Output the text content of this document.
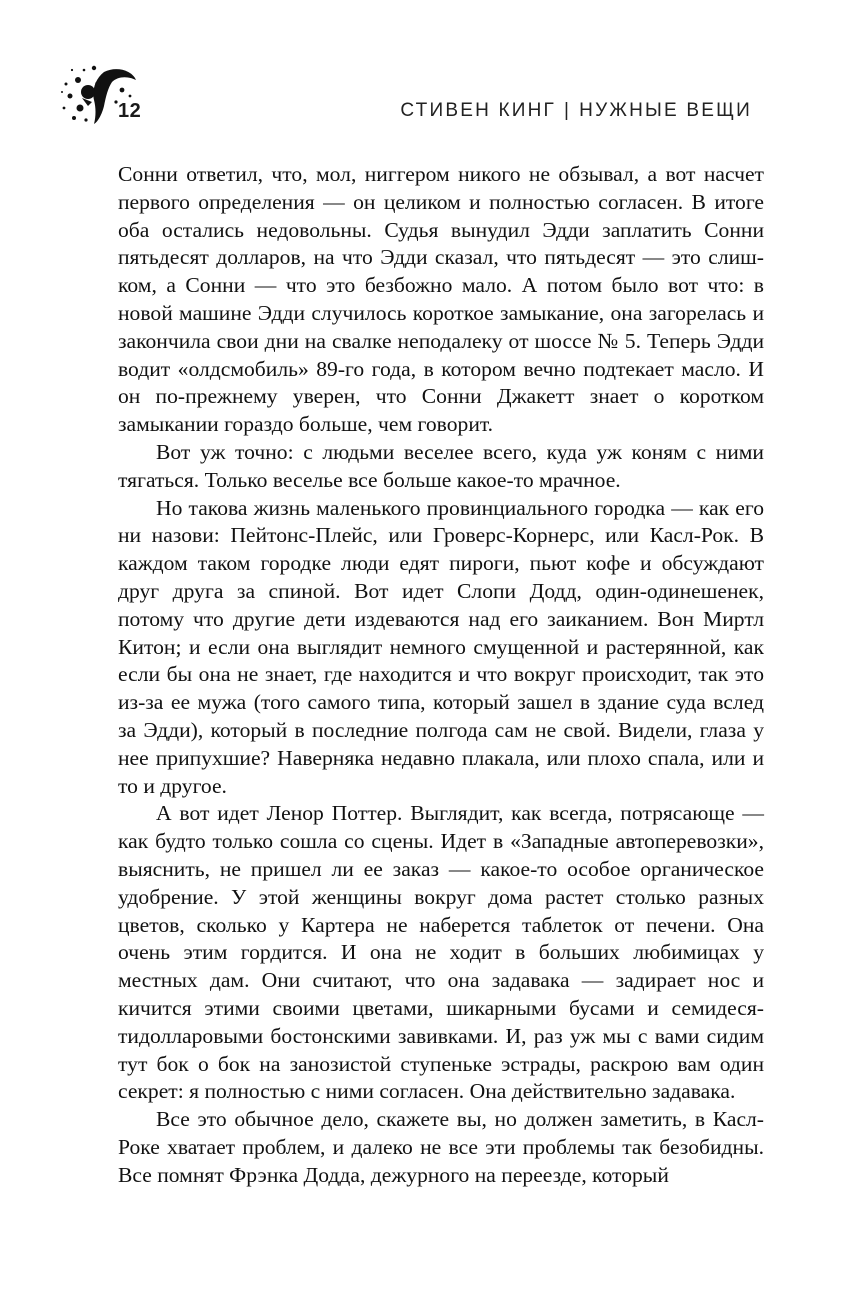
12	СТИВЕН КИНГ | НУЖНЫЕ ВЕЩИ

Сонни ответил, что, мол, ниггером никого не обзывал, а вот насчет первого определения — он целиком и полностью согласен. В итоге оба остались недовольны. Судья вынудил Эдди заплатить Сонни пятьдесят долларов, на что Эдди сказал, что пятьдесят — это слишком, а Сонни — что это безбожно мало. А потом было вот что: в новой машине Эдди случилось короткое замыкание, она загорелась и закончила свои дни на свалке неподалеку от шоссе № 5. Теперь Эдди водит «олдсмобиль» 89-го года, в котором вечно подтекает масло. И он по-прежнему уверен, что Сонни Джакетт знает о коротком замыкании гораздо больше, чем говорит.

Вот уж точно: с людьми веселее всего, куда уж коням с ними тягаться. Только веселье все больше какое-то мрачное.

Но такова жизнь маленького провинциального городка — как его ни назови: Пейтонс-Плейс, или Гроверс-Корнерс, или Касл-Рок. В каждом таком городке люди едят пироги, пьют кофе и обсуждают друг друга за спиной. Вот идет Слопи Додд, один-одинешенек, потому что другие дети издеваются над его заиканием. Вон Миртл Китон; и если она выглядит немного смущенной и растерянной, как если бы она не знает, где находится и что вокруг происходит, так это из-за ее мужа (того самого типа, который зашел в здание суда вслед за Эдди), который в последние полгода сам не свой. Видели, глаза у нее припухшие? Наверняка недавно плакала, или плохо спала, или и то и другое.

А вот идет Ленор Поттер. Выглядит, как всегда, потрясающе — как будто только сошла со сцены. Идет в «Западные автоперевозки», выяснить, не пришел ли ее заказ — какое-то особое органическое удобрение. У этой женщины вокруг дома растет столько разных цветов, сколько у Картера не наберется таблеток от печени. Она очень этим гордится. И она не ходит в больших любимицах у местных дам. Они считают, что она задавака — задирает нос и кичится этими своими цветами, шикарными бусами и семидесятидолларовыми бостонскими завивками. И, раз уж мы с вами сидим тут бок о бок на занозистой ступеньке эстрады, раскрою вам один секрет: я полностью с ними согласен. Она действительно задавака.

Все это обычное дело, скажете вы, но должен заметить, в Касл-Роке хватает проблем, и далеко не все эти проблемы так безобидны. Все помнят Фрэнка Додда, дежурного на переезде, который
